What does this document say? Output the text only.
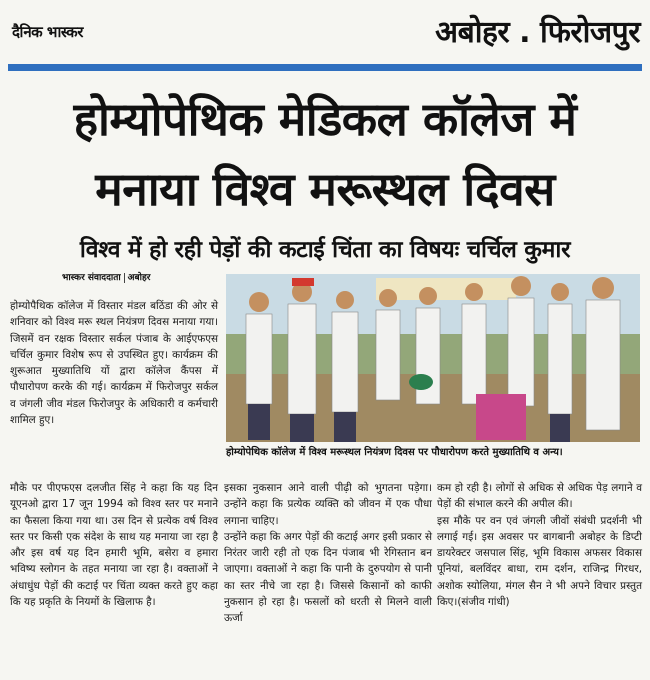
दैनिक भास्कर	अबोहर . फिरोजपुर
होम्योपेथिक मेडिकल कॉलेज में
मनाया विश्व मरूस्थल दिवस
विश्व में हो रही पेड़ों की कटाई चिंता का विषयः चर्चिल कुमार
भास्कर संवाददाता अबोहर

होम्योपैथिक कॉलेज में विस्तार मंडल बठिंडा की ओर से शनिवार को विश्व मरू स्थल नियंत्रण दिवस मनाया गया। जिसमें वन रक्षक विस्तार सर्कल पंजाब के आईएफएस चर्चिल कुमार विशेष रूप से उपस्थित हुए। कार्यक्रम की शुरूआत मुख्यातिथि यों द्वारा कॉलेज कैंपस में पौधारोपण करके की गई। कार्यक्रम में फिरोजपुर सर्कल व जंगली जीव मंडल फिरोजपुर के अधिकारी व कर्मचारी शामिल हुए।

होम्योपेथिक कॉलेज में विश्व मरूस्थल नियंत्रण दिवस पर पौधारोपण करते मुख्यातिथि व अन्य।

मौके पर पीएफएस दलजीत सिंह ने कहा कि यह दिन यूएनओ द्वारा 17 जून 1994 को विश्व स्तर पर मनाने का फैसला किया गया था। उस दिन से प्रत्येक वर्ष विश्व स्तर पर किसी एक संदेश के साथ यह मनाया जा रहा है और इस वर्ष यह दिन हमारी भूमि, बसेरा व हमारा भविष्य स्लोगन के तहत मनाया जा रहा है। वक्ताओं ने अंधाधुंध पेड़ों की कटाई पर चिंता व्यक्त करते हुए कहा कि यह प्रकृति के नियमों के खिलाफ है।

इसका नुकसान आने वाली पीढ़ी को भुगतना पड़ेगा। उन्होंने कहा कि प्रत्येक व्यक्ति को जीवन में एक पौधा लगाना चाहिए।

उन्होंने कहा कि अगर पेड़ों की कटाई अगर इसी प्रकार से निरंतर जारी रही तो एक दिन पंजाब भी रेगिस्तान बन जाएगा। वक्ताओं ने कहा कि पानी के दुरुपयोग से पानी का स्तर नीचे जा रहा है। जिससे किसानों को काफी नुकसान हो रहा है। फसलों को धरती से मिलने वाली ऊर्जा

कम हो रही है। लोगों से अधिक से अधिक पेड़ लगाने व पेड़ों की संभाल करने की अपील की।

इस मौके पर वन एवं जंगली जीवों संबंधी प्रदर्शनी भी लगाई गई। इस अवसर पर बागबानी अबोहर के डिप्टी डायरेक्टर जसपाल सिंह, भूमि विकास अफसर विकास पूनियां, बलविंदर बाधा, राम दर्शन, राजिन्द्र गिरधर, अशोक स्योलिया, मंगल सैन ने भी अपने विचार प्रस्तुत किए।(संजीव गांधी)
